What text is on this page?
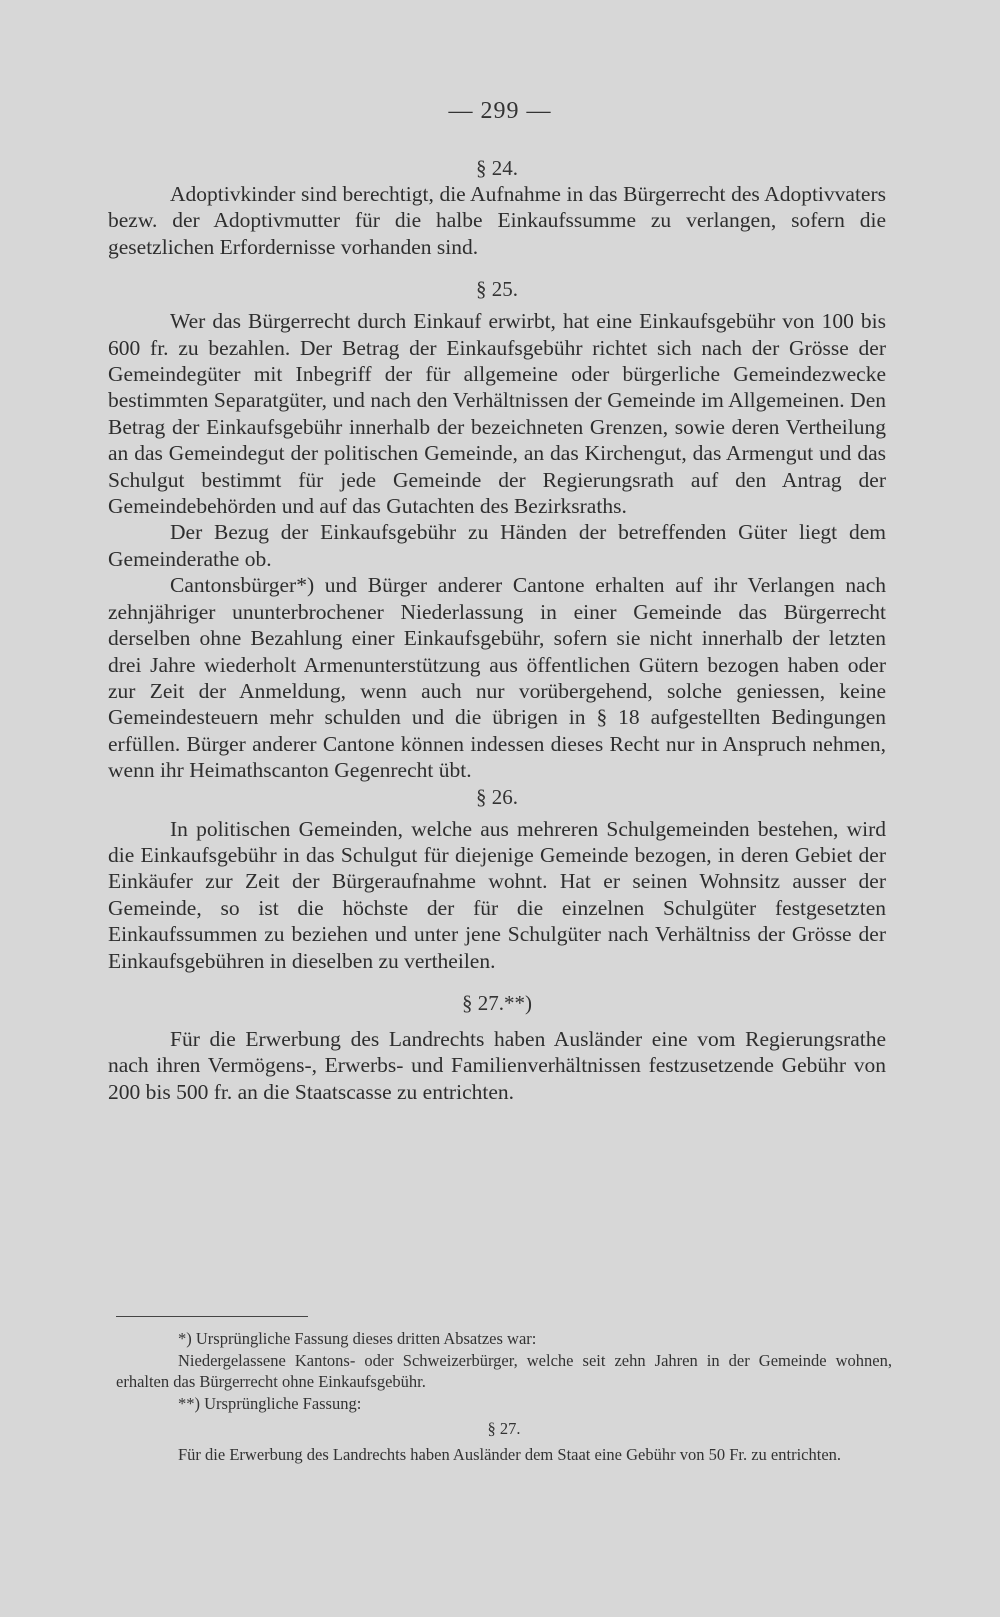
— 299 —

§ 24.

Adoptivkinder sind berechtigt, die Aufnahme in das Bürgerrecht des Adoptivvaters bezw. der Adoptivmutter für die halbe Einkaufssumme zu verlangen, sofern die gesetzlichen Erfordernisse vorhanden sind.

§ 25.

Wer das Bürgerrecht durch Einkauf erwirbt, hat eine Einkaufsgebühr von 100 bis 600 fr. zu bezahlen. Der Betrag der Einkaufsgebühr richtet sich nach der Grösse der Gemeindegüter mit Inbegriff der für allgemeine oder bürgerliche Gemeindezwecke bestimmten Separatgüter, und nach den Verhältnissen der Gemeinde im Allgemeinen. Den Betrag der Einkaufsgebühr innerhalb der bezeichneten Grenzen, sowie deren Vertheilung an das Gemeindegut der politischen Gemeinde, an das Kirchengut, das Armengut und das Schulgut bestimmt für jede Gemeinde der Regierungsrath auf den Antrag der Gemeindebehörden und auf das Gutachten des Bezirksraths.

Der Bezug der Einkaufsgebühr zu Händen der betreffenden Güter liegt dem Gemeinderathe ob.

Cantonsbürger*) und Bürger anderer Cantone erhalten auf ihr Verlangen nach zehnjähriger ununterbrochener Niederlassung in einer Gemeinde das Bürgerrecht derselben ohne Bezahlung einer Einkaufsgebühr, sofern sie nicht innerhalb der letzten drei Jahre wiederholt Armenunterstützung aus öffentlichen Gütern bezogen haben oder zur Zeit der Anmeldung, wenn auch nur vorübergehend, solche geniessen, keine Gemeindesteuern mehr schulden und die übrigen in § 18 aufgestellten Bedingungen erfüllen. Bürger anderer Cantone können indessen dieses Recht nur in Anspruch nehmen, wenn ihr Heimathscanton Gegenrecht übt.

§ 26.

In politischen Gemeinden, welche aus mehreren Schulgemeinden bestehen, wird die Einkaufsgebühr in das Schulgut für diejenige Gemeinde bezogen, in deren Gebiet der Einkäufer zur Zeit der Bürgeraufnahme wohnt. Hat er seinen Wohnsitz ausser der Gemeinde, so ist die höchste der für die einzelnen Schulgüter festgesetzten Einkaufssummen zu beziehen und unter jene Schulgüter nach Verhältniss der Grösse der Einkaufsgebühren in dieselben zu vertheilen.

§ 27.**)

Für die Erwerbung des Landrechts haben Ausländer eine vom Regierungsrathe nach ihren Vermögens-, Erwerbs- und Familienverhältnissen festzusetzende Gebühr von 200 bis 500 fr. an die Staatscasse zu entrichten.

*) Ursprüngliche Fassung dieses dritten Absatzes war:

Niedergelassene Kantons- oder Schweizerbürger, welche seit zehn Jahren in der Gemeinde wohnen, erhalten das Bürgerrecht ohne Einkaufsgebühr.

**) Ursprüngliche Fassung:

§ 27.

Für die Erwerbung des Landrechts haben Ausländer dem Staat eine Gebühr von 50 Fr. zu entrichten.
